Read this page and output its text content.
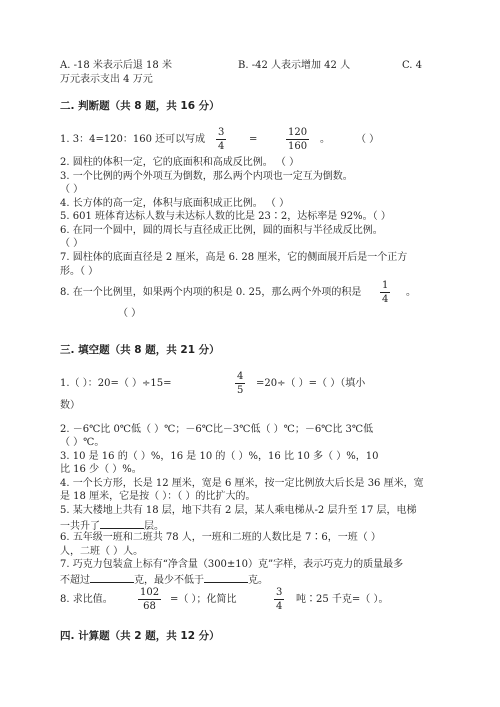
A. -18 米表示后退 18 米	B. -42 人表示增加 42 人	C. 4
万元表示支出 4 万元
二. 判断题（共 8 题，共 16 分）
1. 3：4=120：160 还可以写成
3
4
=
120
160
。	（ ）
2. 圆柱的体积一定，它的底面积和高成反比例。 （ ）
3. 一个比例的两个外项互为倒数，那么两个内项也一定互为倒数。
（ ）
4. 长方体的高一定，体积与底面积成正比例。 （ ）
5. 601 班体育达标人数与未达标人数的比是 23∶2，达标率是 92%。（ ）
6. 在同一个圆中，圆的周长与直径成正比例，圆的面积与半径成反比例。
（ ）
7. 圆柱体的底面直径是 2 厘米，高是 6. 28 厘米，它的侧面展开后是一个正方
形。（ ）
8. 在一个比例里，如果两个内项的积是 0. 25，那么两个外项的积是
1
4
。
（ ）
三. 填空题（共 8 题，共 21 分）
1.（ ）：20=（ ）÷15=
4
5
=20÷（ ）=（ ）（填小
数）
2. －6℃比 0℃低（ ）℃；－6℃比－3℃低（ ）℃；－6℃比 3℃低
（ ）℃。
3. 10 是 16 的（ ）%，16 是 10 的（ ）%，16 比 10 多（ ）%，10
比 16 少（ ）%。
4. 一个长方形，长是 12 厘米，宽是 6 厘米，按一定比例放大后长是 36 厘米，宽
是 18 厘米，它是按（ ）：（ ）的比扩大的。
5. 某大楼地上共有 18 层，地下共有 2 层，某人乘电梯从-2 层升至 17 层，电梯
一共升了	层。
6. 五年级一班和二班共 78 人，一班和二班的人数比是 7∶6，一班（ ）
人，二班（ ）人。
7. 巧克力包装盒上标有“净含量（300±10）克”字样，表示巧克力的质量最多
不超过	克，最少不低于	克。
8. 求比值。
102
68
=（ ）；化简比
3
4
吨∶25 千克=（ ）。
四. 计算题（共 2 题，共 12 分）
